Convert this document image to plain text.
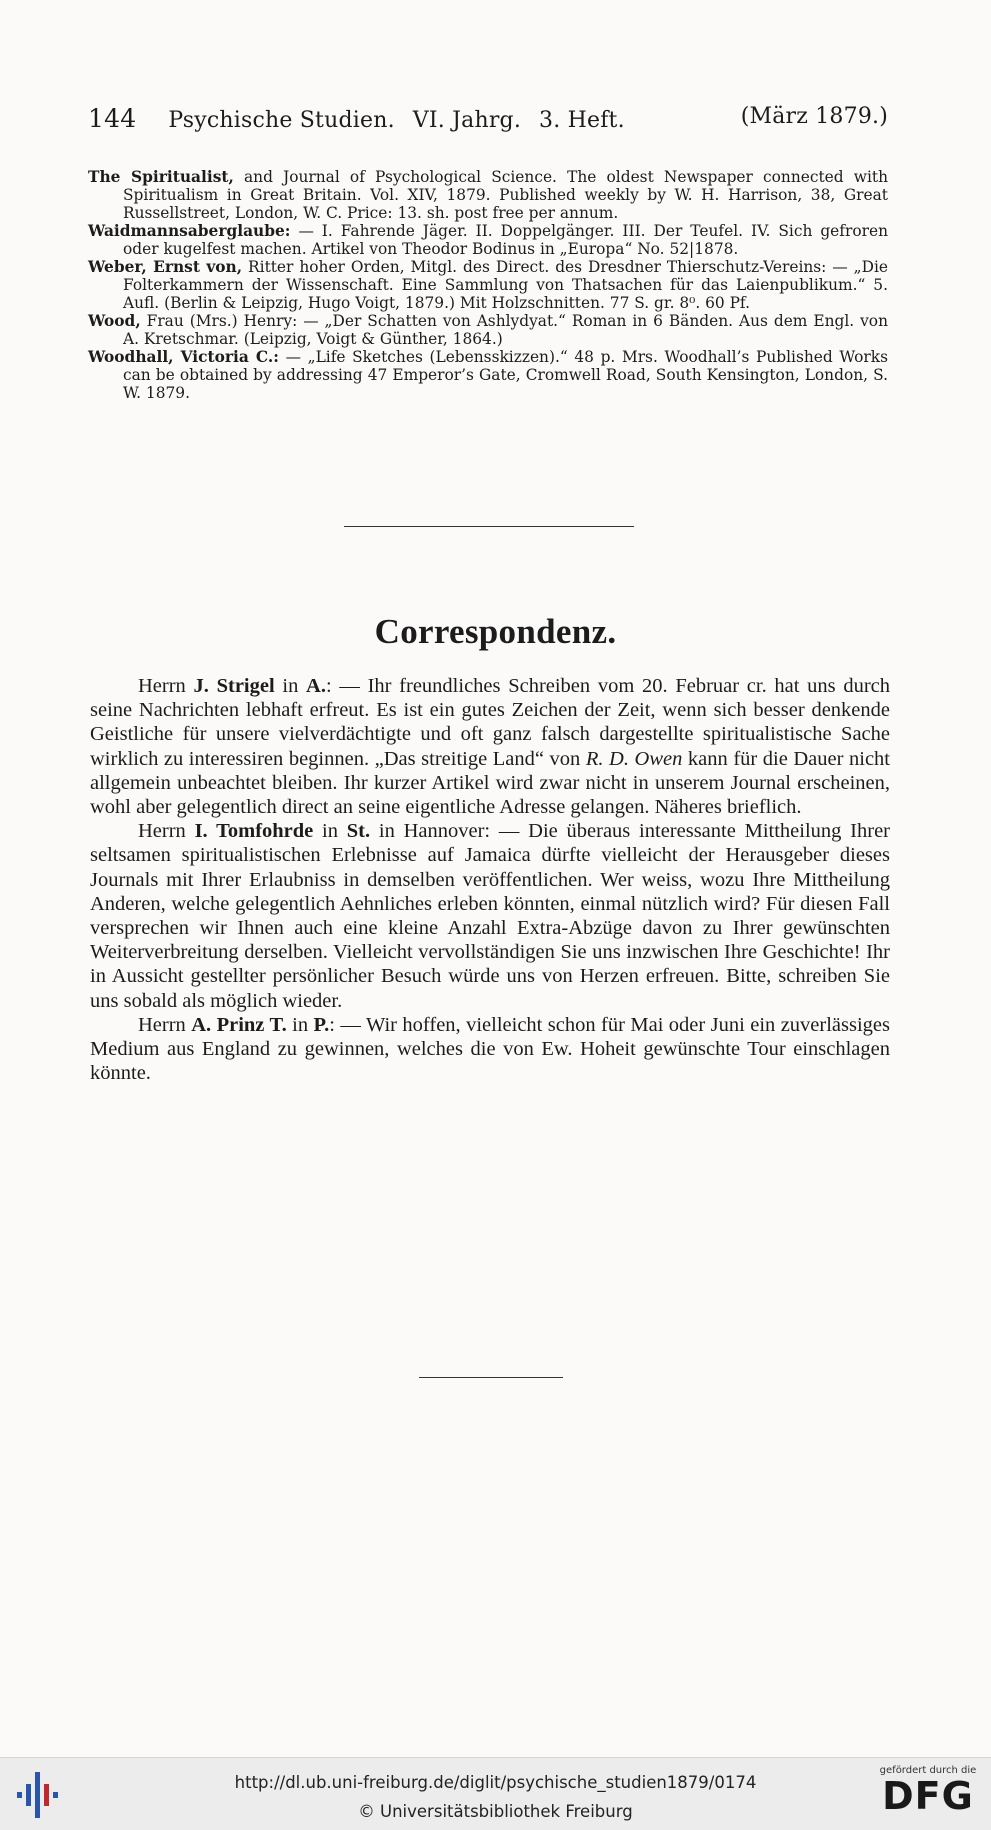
144 Psychische Studien. VI. Jahrg. 3. Heft.	(März 1879.)

The Spiritualist, and Journal of Psychological Science. The oldest Newspaper connected with Spiritualism in Great Britain. Vol. XIV, 1879. Published weekly by W. H. Harrison, 38, Great Russellstreet, London, W. C. Price: 13. sh. post free per annum.

Waidmannsaberglaube: — I. Fahrende Jäger. II. Doppelgänger. III. Der Teufel. IV. Sich gefroren oder kugelfest machen. Artikel von Theodor Bodinus in „Europa“ No. 52|1878.

Weber, Ernst von, Ritter hoher Orden, Mitgl. des Direct. des Dresdner Thierschutz-Vereins: — „Die Folterkammern der Wissenschaft. Eine Sammlung von Thatsachen für das Laienpublikum.“ 5. Aufl. (Berlin & Leipzig, Hugo Voigt, 1879.) Mit Holzschnitten. 77 S. gr. 8⁰. 60 Pf.

Wood, Frau (Mrs.) Henry: — „Der Schatten von Ashlydyat.“ Roman in 6 Bänden. Aus dem Engl. von A. Kretschmar. (Leipzig, Voigt & Günther, 1864.)

Woodhall, Victoria C.: — „Life Sketches (Lebensskizzen).“ 48 p. Mrs. Woodhall’s Published Works can be obtained by addressing 47 Emperor’s Gate, Cromwell Road, South Kensington, London, S. W. 1879.

Correspondenz.

Herrn J. Strigel in A.: — Ihr freundliches Schreiben vom 20. Februar cr. hat uns durch seine Nachrichten lebhaft erfreut. Es ist ein gutes Zeichen der Zeit, wenn sich besser denkende Geistliche für unsere vielverdächtigte und oft ganz falsch dargestellte spiritualistische Sache wirklich zu interessiren beginnen. „Das streitige Land“ von R. D. Owen kann für die Dauer nicht allgemein unbeachtet bleiben. Ihr kurzer Artikel wird zwar nicht in unserem Journal erscheinen, wohl aber gelegentlich direct an seine eigentliche Adresse gelangen. Näheres brieflich.

Herrn I. Tomfohrde in St. in Hannover: — Die überaus interessante Mittheilung Ihrer seltsamen spiritualistischen Erlebnisse auf Jamaica dürfte vielleicht der Herausgeber dieses Journals mit Ihrer Erlaubniss in demselben veröffentlichen. Wer weiss, wozu Ihre Mittheilung Anderen, welche gelegentlich Aehnliches erleben könnten, einmal nützlich wird? Für diesen Fall versprechen wir Ihnen auch eine kleine Anzahl Extra-Abzüge davon zu Ihrer gewünschten Weiterverbreitung derselben. Vielleicht vervollständigen Sie uns inzwischen Ihre Geschichte! Ihr in Aussicht gestellter persönlicher Besuch würde uns von Herzen erfreuen. Bitte, schreiben Sie uns sobald als möglich wieder.

Herrn A. Prinz T. in P.: — Wir hoffen, vielleicht schon für Mai oder Juni ein zuverlässiges Medium aus England zu gewinnen, welches die von Ew. Hoheit gewünschte Tour einschlagen könnte.

http://dl.ub.uni-freiburg.de/diglit/psychische_studien1879/0174
© Universitätsbibliothek Freiburg
gefördert durch die
DFG
